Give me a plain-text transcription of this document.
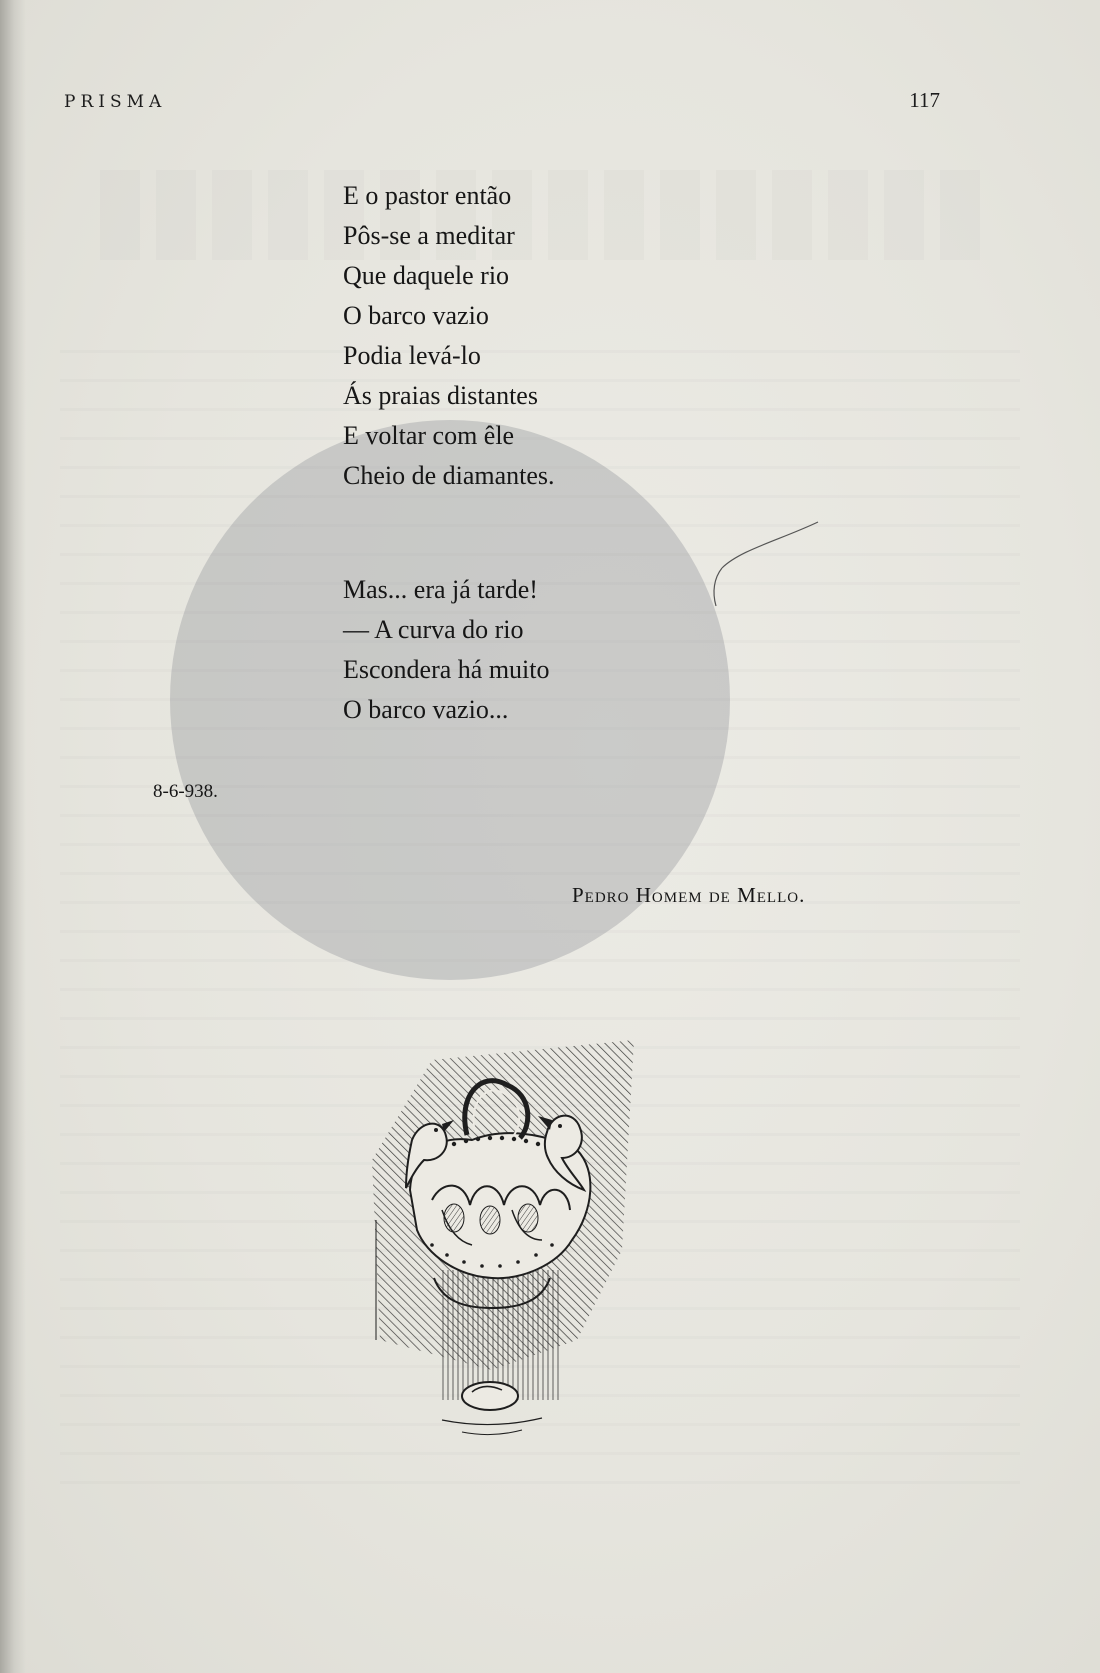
PRISMA	117
E o pastor então
Pôs-se a meditar
Que daquele rio
O barco vazio
Podia levá-lo
Ás praias distantes
E voltar com êle
Cheio de diamantes.
Mas... era já tarde!
— A curva do rio
Escondera há muito
O barco vazio...
8-6-938.
Pedro Homem de Mello.
